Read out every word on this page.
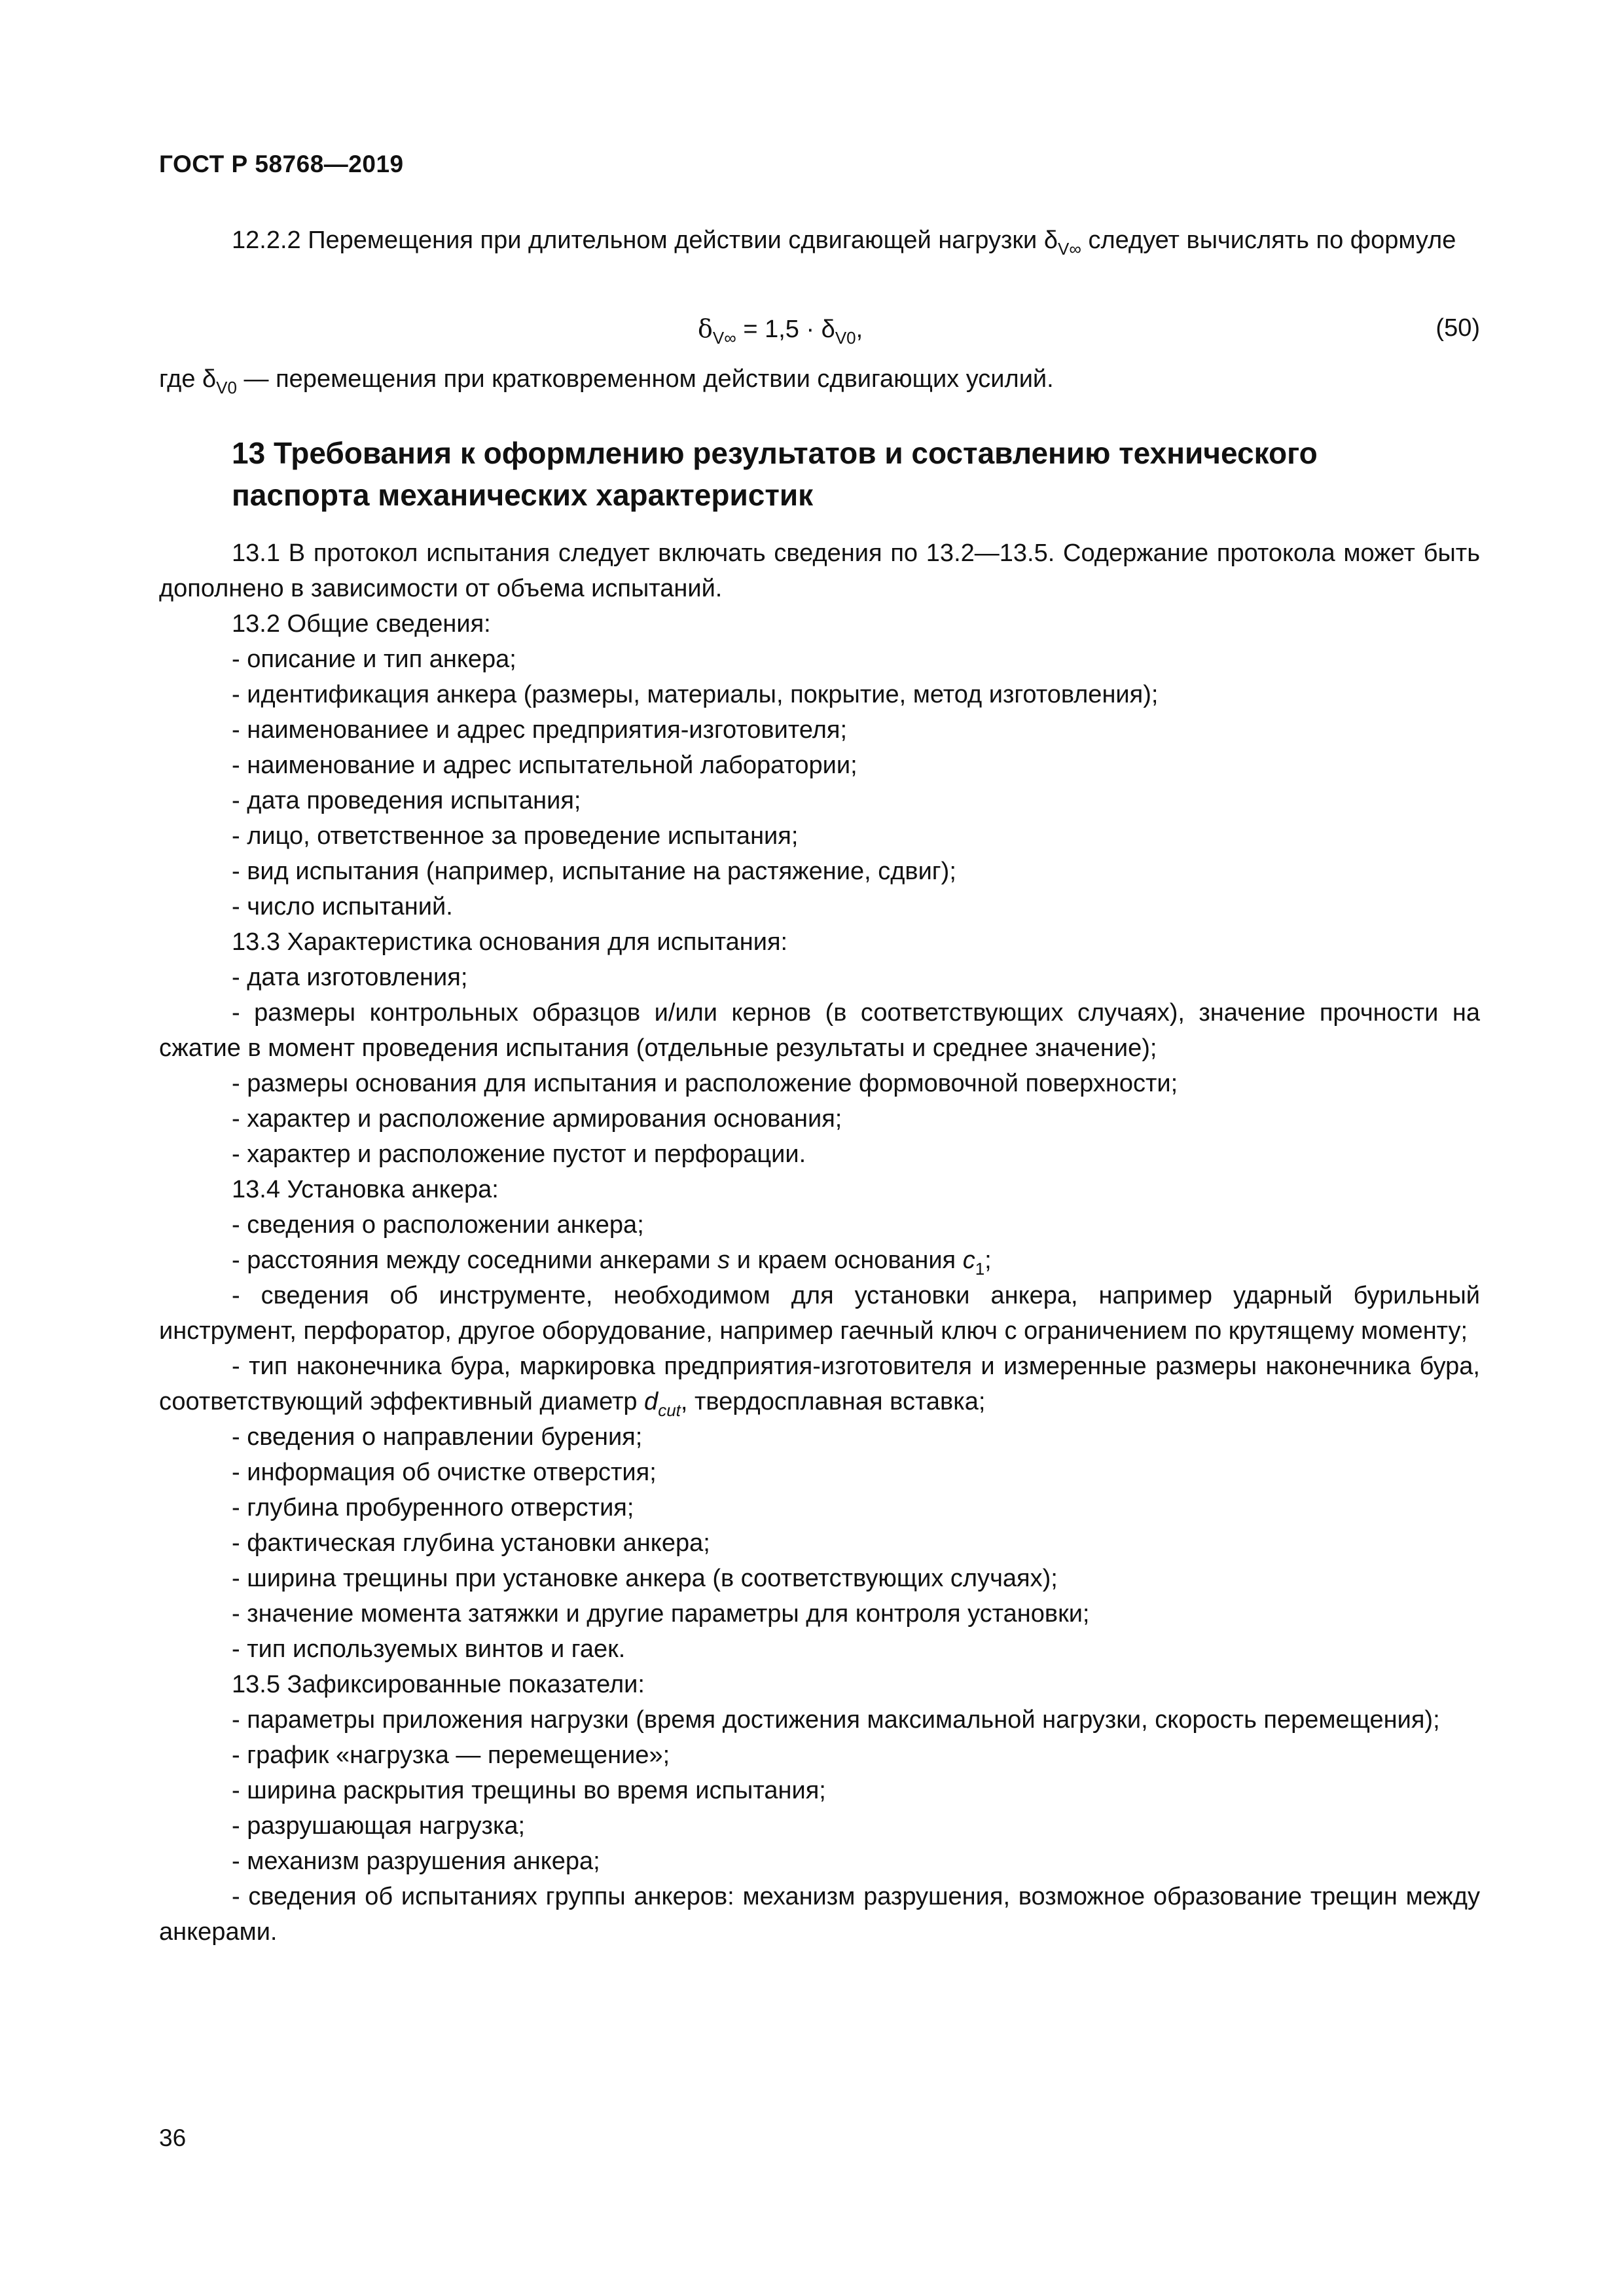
ГОСТ Р 58768—2019

12.2.2 Перемещения при длительном действии сдвигающей нагрузки $\delta_{V\infty}$ следует вычислять по формуле

$\delta_{V\infty} = 1,5 \cdot \delta_{V0}$,	(50)

где $\delta_{V0}$ — перемещения при кратковременном действии сдвигающих усилий.

13 Требования к оформлению результатов и составлению технического
паспорта механических характеристик

13.1 В протокол испытания следует включать сведения по 13.2—13.5. Содержание протокола может быть дополнено в зависимости от объема испытаний.

13.2 Общие сведения:
- описание и тип анкера;
- идентификация анкера (размеры, материалы, покрытие, метод изготовления);
- наименованиее и адрес предприятия-изготовителя;
- наименование и адрес испытательной лаборатории;
- дата проведения испытания;
- лицо, ответственное за проведение испытания;
- вид испытания (например, испытание на растяжение, сдвиг);
- число испытаний.
13.3 Характеристика основания для испытания:
- дата изготовления;

- размеры контрольных образцов и/или кернов (в соответствующих случаях), значение прочности на сжатие в момент проведения испытания (отдельные результаты и среднее значение);

- размеры основания для испытания и расположение формовочной поверхности;
- характер и расположение армирования основания;
- характер и расположение пустот и перфорации.
13.4 Установка анкера:
- сведения о расположении анкера;
- расстояния между соседними анкерами s и краем основания $c_1$;

- сведения об инструменте, необходимом для установки анкера, например ударный бурильный инструмент, перфоратор, другое оборудование, например гаечный ключ с ограничением по крутящему моменту;

- тип наконечника бура, маркировка предприятия-изготовителя и измеренные размеры наконечника бура, соответствующий эффективный диаметр $d_{cut}$, твердосплавная вставка;

- сведения о направлении бурения;
- информация об очистке отверстия;
- глубина пробуренного отверстия;
- фактическая глубина установки анкера;
- ширина трещины при установке анкера (в соответствующих случаях);
- значение момента затяжки и другие параметры для контроля установки;
- тип используемых винтов и гаек.
13.5 Зафиксированные показатели:

- параметры приложения нагрузки (время достижения максимальной нагрузки, скорость перемещения);

- график «нагрузка — перемещение»;
- ширина раскрытия трещины во время испытания;
- разрушающая нагрузка;
- механизм разрушения анкера;

- сведения об испытаниях группы анкеров: механизм разрушения, возможное образование трещин между анкерами.

36
